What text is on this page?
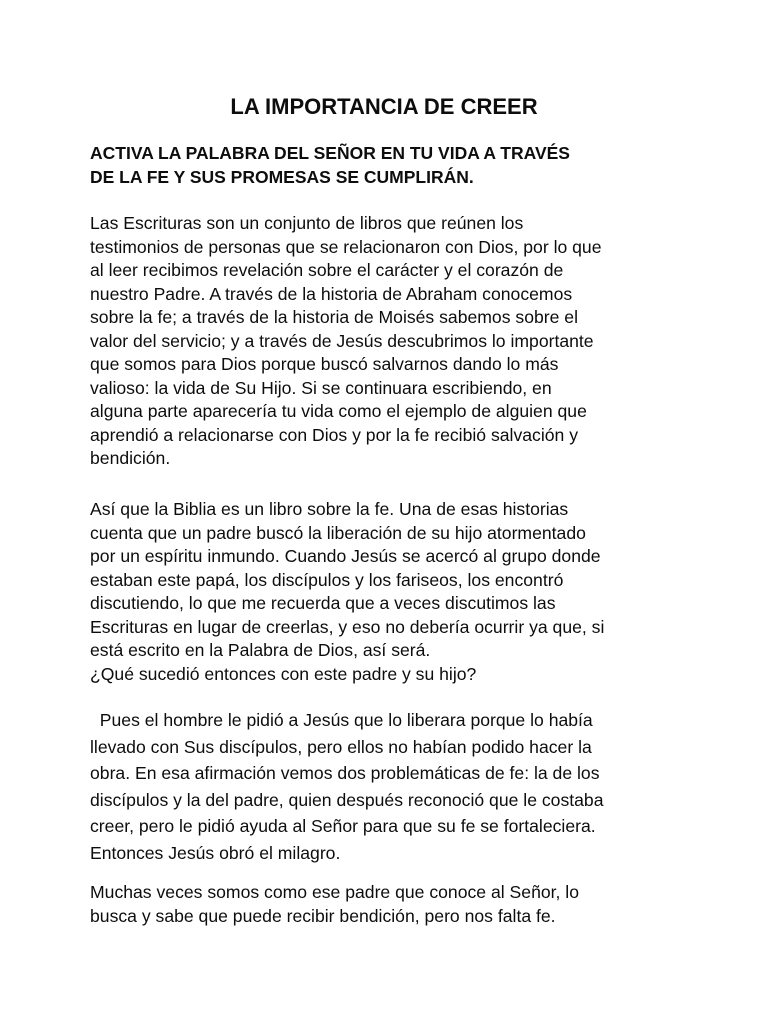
LA IMPORTANCIA DE CREER
ACTIVA LA PALABRA DEL SEÑOR EN TU VIDA A TRAVÉS
DE LA FE Y SUS PROMESAS SE CUMPLIRÁN.

Las Escrituras son un conjunto de libros que reúnen los
testimonios de personas que se relacionaron con Dios, por lo que
al leer recibimos revelación sobre el carácter y el corazón de
nuestro Padre. A través de la historia de Abraham conocemos
sobre la fe; a través de la historia de Moisés sabemos sobre el
valor del servicio; y a través de Jesús descubrimos lo importante
que somos para Dios porque buscó salvarnos dando lo más
valioso: la vida de Su Hijo. Si se continuara escribiendo, en
alguna parte aparecería tu vida como el ejemplo de alguien que
aprendió a relacionarse con Dios y por la fe recibió salvación y
bendición.

Así que la Biblia es un libro sobre la fe. Una de esas historias
cuenta que un padre buscó la liberación de su hijo atormentado
por un espíritu inmundo. Cuando Jesús se acercó al grupo donde
estaban este papá, los discípulos y los fariseos, los encontró
discutiendo, lo que me recuerda que a veces discutimos las
Escrituras en lugar de creerlas, y eso no debería ocurrir ya que, si
está escrito en la Palabra de Dios, así será.
¿Qué sucedió entonces con este padre y su hijo?

Pues el hombre le pidió a Jesús que lo liberara porque lo había
llevado con Sus discípulos, pero ellos no habían podido hacer la
obra. En esa afirmación vemos dos problemáticas de fe: la de los
discípulos y la del padre, quien después reconoció que le costaba
creer, pero le pidió ayuda al Señor para que su fe se fortaleciera.
Entonces Jesús obró el milagro.

Muchas veces somos como ese padre que conoce al Señor, lo
busca y sabe que puede recibir bendición, pero nos falta fe.
